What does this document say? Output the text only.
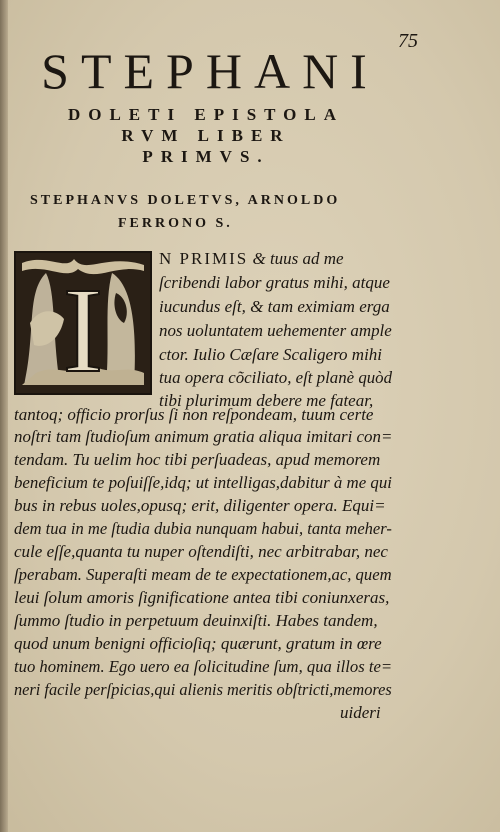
75
STEPHANI
DOLETI EPISTOLA
RVM LIBER
PRIMVS.
STEPHANVS DOLETVS, ARNOLDO
FERRONO S.
I
N PRIMIS & tuus ad me
ſcribendi labor gratus mihi, atque
iucundus eſt, & tam eximiam erga
nos uoluntatem uehementer ample
ctor. Iulio Cæſare Scaligero mihi
tua opera cõciliato, eſt planè quòd
tibi plurimum debere me fatear,
tantoq; officio prorſus ſi non reſpondeam, tuum certe
noſtri tam ſtudioſum animum gratia aliqua imitari con=
tendam. Tu uelim hoc tibi perſuadeas, apud memorem
beneficium te poſuiſſe,idq; ut intelligas,dabitur à me qui
bus in rebus uoles,opusq; erit, diligenter opera. Equi=
dem tua in me ſtudia dubia nunquam habui, tanta meher-
cule eſſe,quanta tu nuper oſtendiſti, nec arbitrabar, nec
ſperabam. Superaſti meam de te expectationem,ac, quem
leui ſolum amoris ſignificatione antea tibi coniunxeras,
ſummo ſtudio in perpetuum deuinxiſti. Habes tandem,
quod unum benigni officioſiq; quærunt, gratum in œre
tuo hominem. Ego uero ea ſolicitudine ſum, qua illos te=
neri facile perſpicias,qui alienis meritis obſtricti,memores
uideri
